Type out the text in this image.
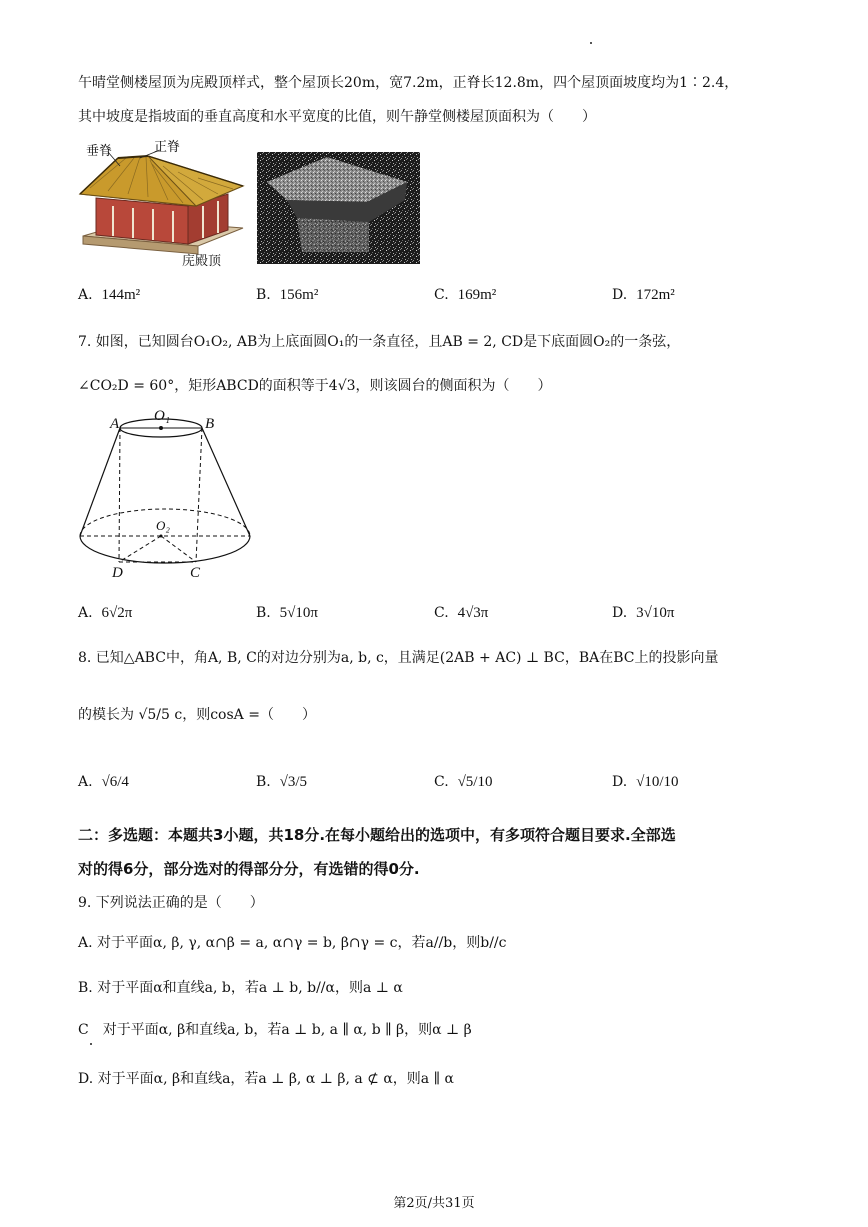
午晴堂侧楼屋顶为庑殿顶样式，整个屋顶长20m，宽7.2m，正脊长12.8m，四个屋顶面坡度均为1∶2.4，
其中坡度是指坡面的垂直高度和水平宽度的比值，则午静堂侧楼屋顶面积为（　　）
垂脊	正脊
庑殿顶
A. 144m²	B. 156m²	C. 169m²	D. 172m²
7. 如图，已知圆台O₁O₂, AB为上底面圆O₁的一条直径，且AB = 2, CD是下底面圆O₂的一条弦，
∠CO₂D = 60°，矩形ABCD的面积等于4√3，则该圆台的侧面积为（　　）
A	B
O₁
O₂
D	C
A. 6√2π	B. 5√10π	C. 4√3π	D. 3√10π
8. 已知△ABC中，角A, B, C的对边分别为a, b, c，且满足(2AB + AC) ⊥ BC，BA在BC上的投影向量
的模长为 √5/5 c，则cosA =（　　）
A. √6/4	B. √3/5	C. √5/10	D. √10/10
二：多选题：本题共3小题，共18分.在每小题给出的选项中，有多项符合题目要求.全部选
对的得6分，部分选对的得部分分，有选错的得0分.
9. 下列说法正确的是（　　）
A. 对于平面α, β, γ, α∩β = a, α∩γ = b, β∩γ = c，若a//b，则b//c
B. 对于平面α和直线a, b，若a ⊥ b, b//α，则a ⊥ α
C　对于平面α, β和直线a, b，若a ⊥ b, a ∥ α, b ∥ β，则α ⊥ β
D. 对于平面α, β和直线a，若a ⊥ β, α ⊥ β, a ⊄ α，则a ∥ α
第2页/共31页
